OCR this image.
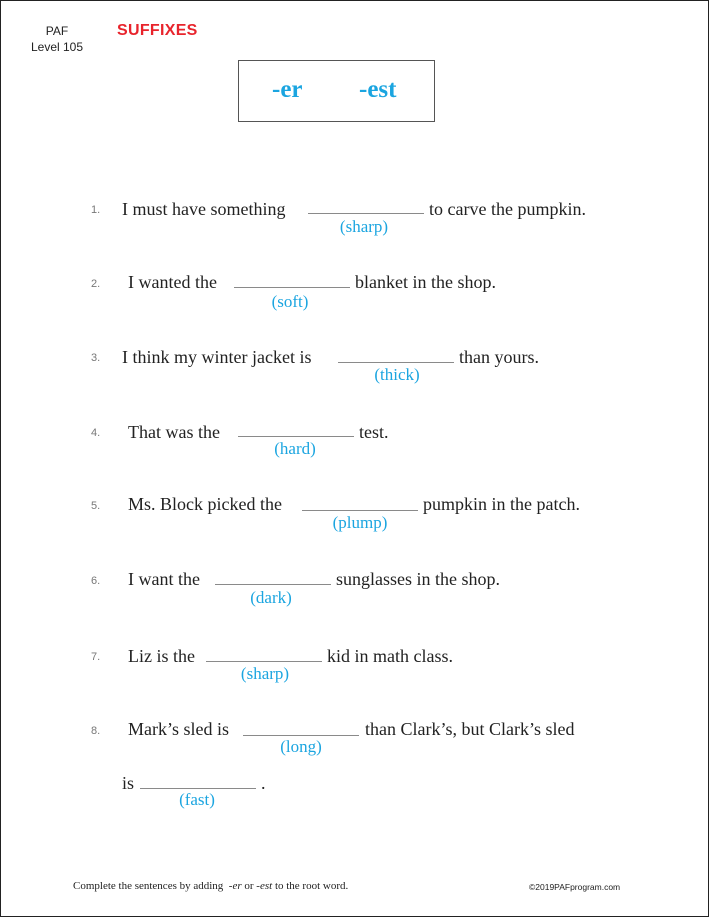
PAF
Level 105
SUFFIXES
-er -est
1. I must have something
(sharp)
to carve the pumpkin.
2. I wanted the
(soft)
blanket in the shop.
3. I think my winter jacket is
(thick)
than yours.
4. That was the
(hard)
test.
5. Ms. Block picked the
(plump)
pumpkin in the patch.
6. I want the
(dark)
sunglasses in the shop.
7. Liz is the
(sharp)
kid in math class.
8. Mark’s sled is
(long)
than Clark’s, but Clark’s sled
is
(fast)
.
Complete the sentences by adding -er or -est to the root word.	©2019PAFprogram.com
